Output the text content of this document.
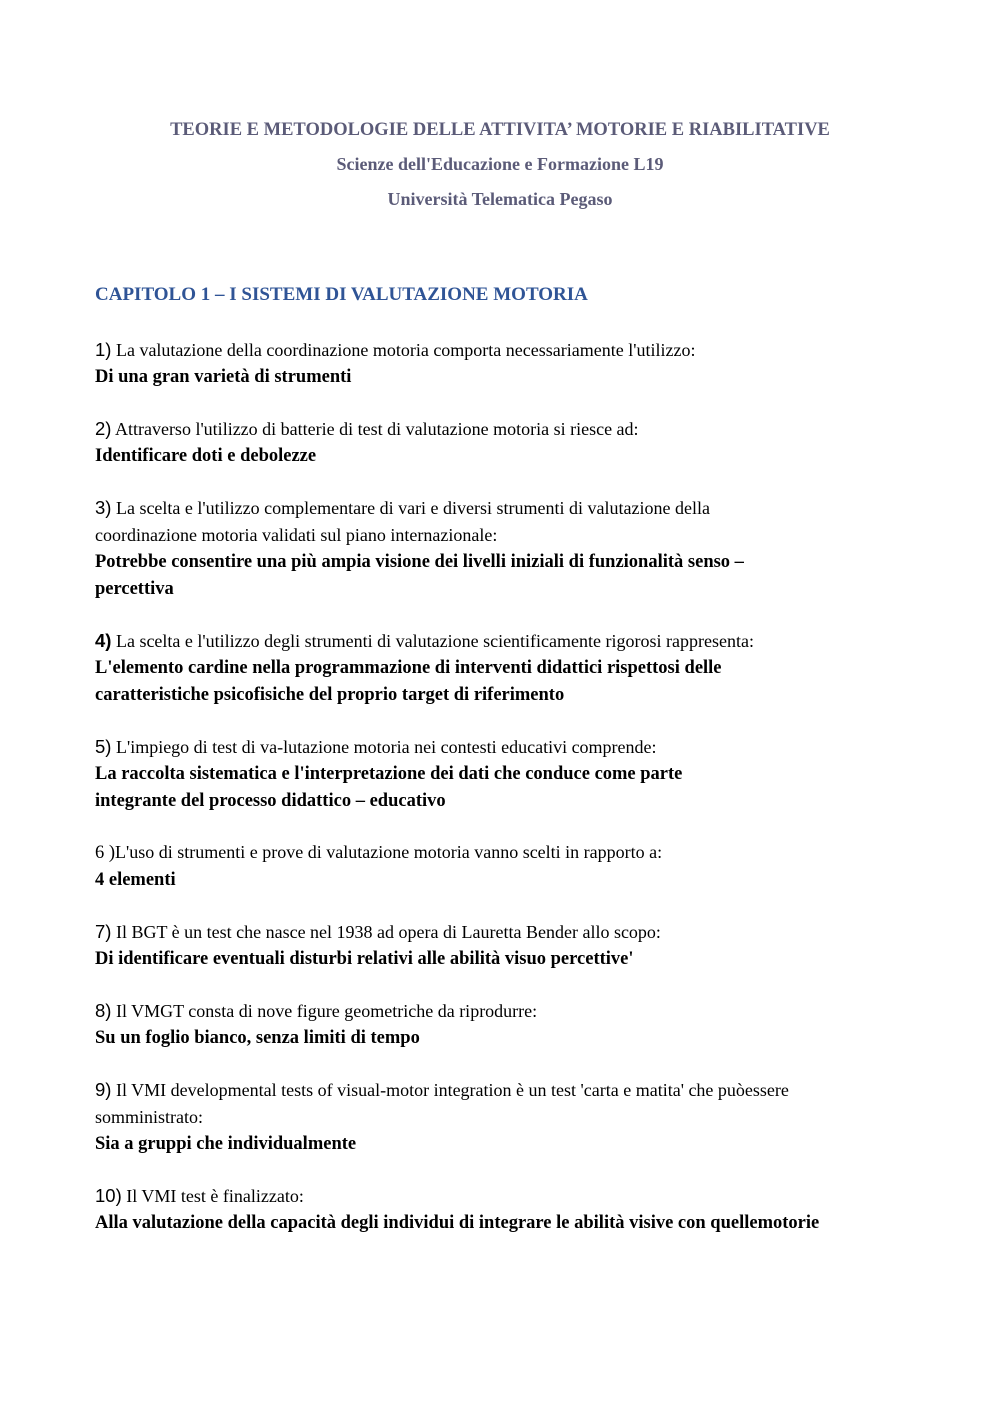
TEORIE E METODOLOGIE DELLE ATTIVITA’ MOTORIE E RIABILITATIVE
Scienze dell'Educazione e Formazione L19
Università Telematica Pegaso
CAPITOLO 1 – I SISTEMI DI VALUTAZIONE MOTORIA
1) La valutazione della coordinazione motoria comporta necessariamente l'utilizzo:
Di una gran varietà di strumenti
2) Attraverso l'utilizzo di batterie di test di valutazione motoria si riesce ad:
Identificare doti e debolezze
3) La scelta e l'utilizzo complementare di vari e diversi strumenti di valutazione della
coordinazione motoria validati sul piano internazionale:
Potrebbe consentire una più ampia visione dei livelli iniziali di funzionalità senso –
percettiva
4) La scelta e l'utilizzo degli strumenti di valutazione scientificamente rigorosi rappresenta:
L'elemento cardine nella programmazione di interventi didattici rispettosi delle
caratteristiche psicofisiche del proprio target di riferimento
5) L'impiego di test di va-lutazione motoria nei contesti educativi comprende:
La raccolta sistematica e l'interpretazione dei dati che conduce come parte
integrante del processo didattico – educativo
6 )L'uso di strumenti e prove di valutazione motoria vanno scelti in rapporto a:
4 elementi
7) Il BGT è un test che nasce nel 1938 ad opera di Lauretta Bender allo scopo:
Di identificare eventuali disturbi relativi alle abilità visuo percettive'
8) Il VMGT consta di nove figure geometriche da riprodurre:
Su un foglio bianco, senza limiti di tempo
9) Il VMI developmental tests of visual-motor integration è un test 'carta e matita' che puòessere
somministrato:
Sia a gruppi che individualmente
10) Il VMI test è finalizzato:
Alla valutazione della capacità degli individui di integrare le abilità visive con quellemotorie
